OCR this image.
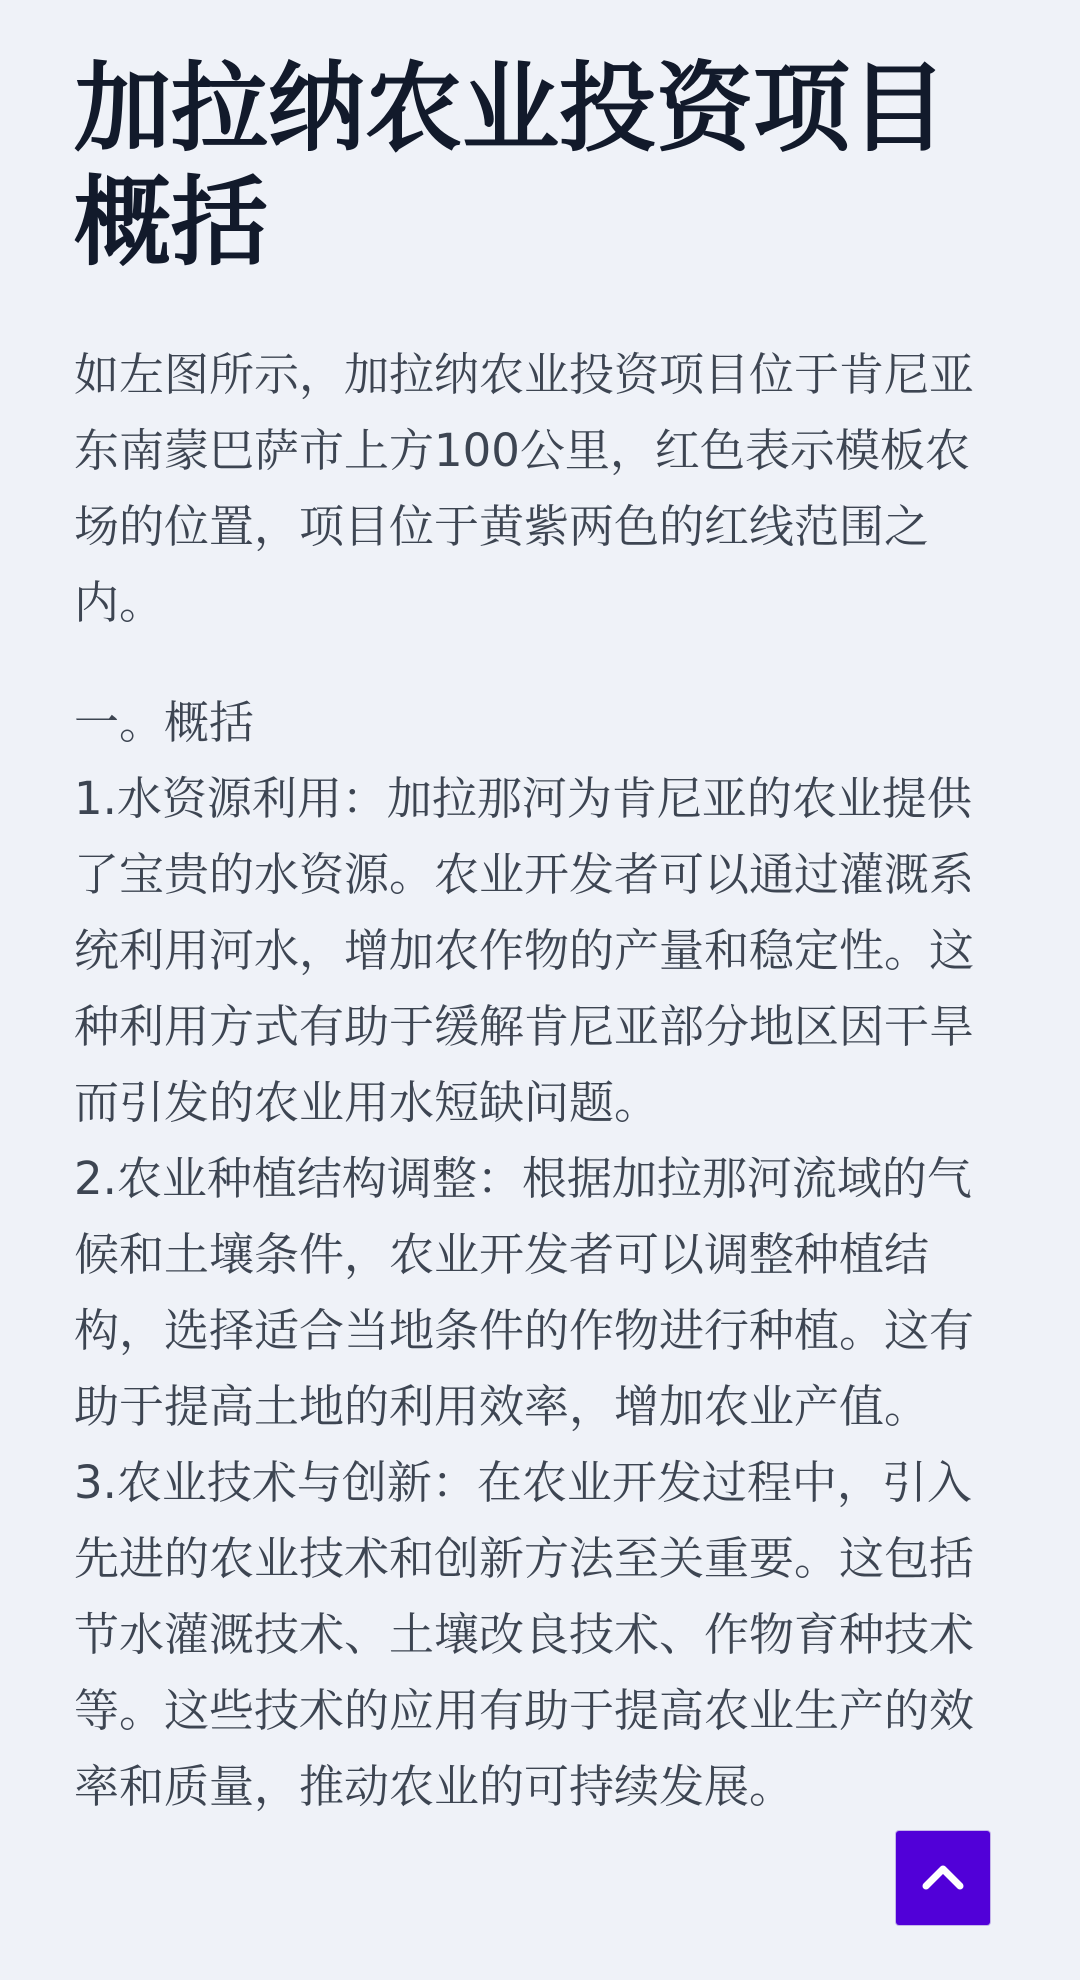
加拉纳农业投资项目概括

如左图所示，加拉纳农业投资项目位于肯尼亚东南蒙巴萨市上方100公里，红色表示模板农场的位置，项目位于黄紫两色的红线范围之内。

一。概括

1.水资源利用：加拉那河为肯尼亚的农业提供了宝贵的水资源。农业开发者可以通过灌溉系统利用河水，增加农作物的产量和稳定性。这种利用方式有助于缓解肯尼亚部分地区因干旱而引发的农业用水短缺问题。

2.农业种植结构调整：根据加拉那河流域的气候和土壤条件，农业开发者可以调整种植结构，选择适合当地条件的作物进行种植。这有助于提高土地的利用效率，增加农业产值。

3.农业技术与创新：在农业开发过程中，引入先进的农业技术和创新方法至关重要。这包括节水灌溉技术、土壤改良技术、作物育种技术等。这些技术的应用有助于提高农业生产的效率和质量，推动农业的可持续发展。
